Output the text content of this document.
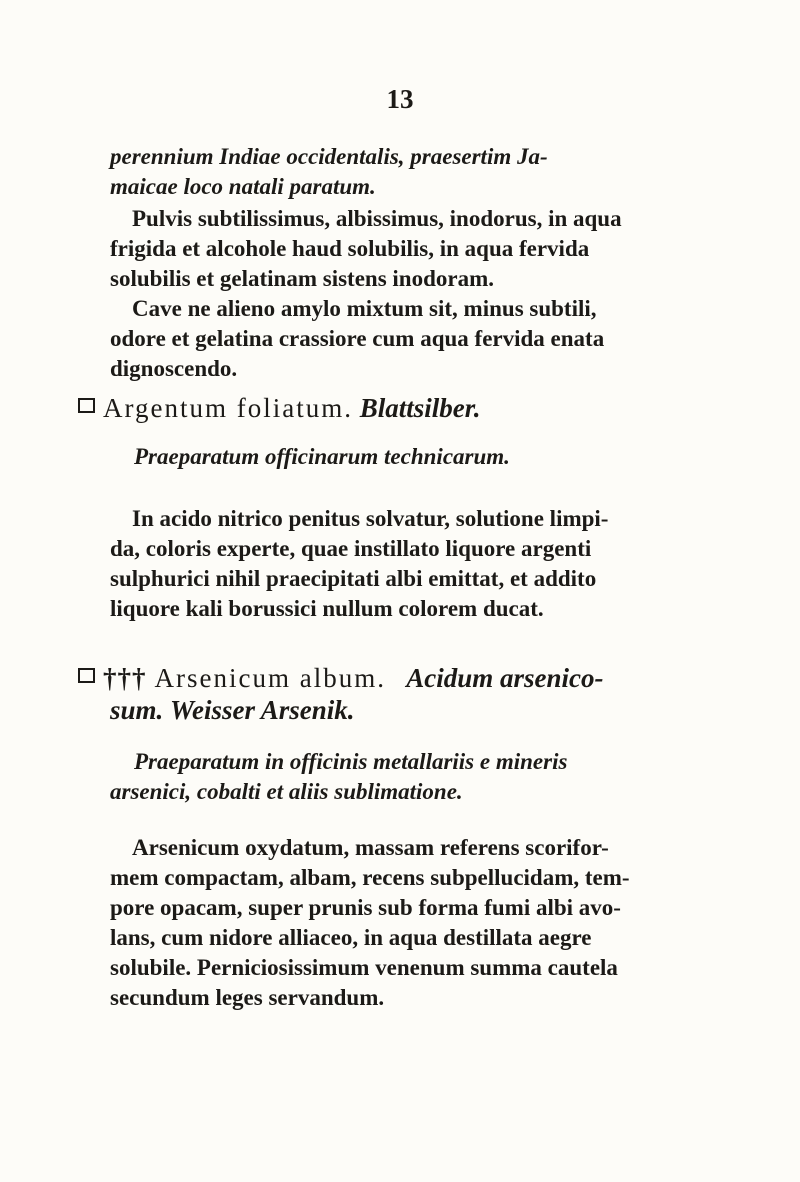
13
perennium Indiae occidentalis, praesertim Ja-
maicae loco natali paratum.
Pulvis subtilissimus, albissimus, inodorus, in aqua
frigida et alcohole haud solubilis, in aqua fervida
solubilis et gelatinam sistens inodoram.
Cave ne alieno amylo mixtum sit, minus subtili,
odore et gelatina crassiore cum aqua fervida enata
dignoscendo.
Argentum foliatum. Blattsilber.
Praeparatum officinarum technicarum.
In acido nitrico penitus solvatur, solutione limpi-
da, coloris experte, quae instillato liquore argenti
sulphurici nihil praecipitati albi emittat, et addito
liquore kali borussici nullum colorem ducat.
††† Arsenicum album. Acidum arsenico-
sum. Weisser Arsenik.
Praeparatum in officinis metallariis e mineris
arsenici, cobalti et aliis sublimatione.
Arsenicum oxydatum, massam referens scorifor-
mem compactam, albam, recens subpellucidam, tem-
pore opacam, super prunis sub forma fumi albi avo-
lans, cum nidore alliaceo, in aqua destillata aegre
solubile. Perniciosissimum venenum summa cautela
secundum leges servandum.
